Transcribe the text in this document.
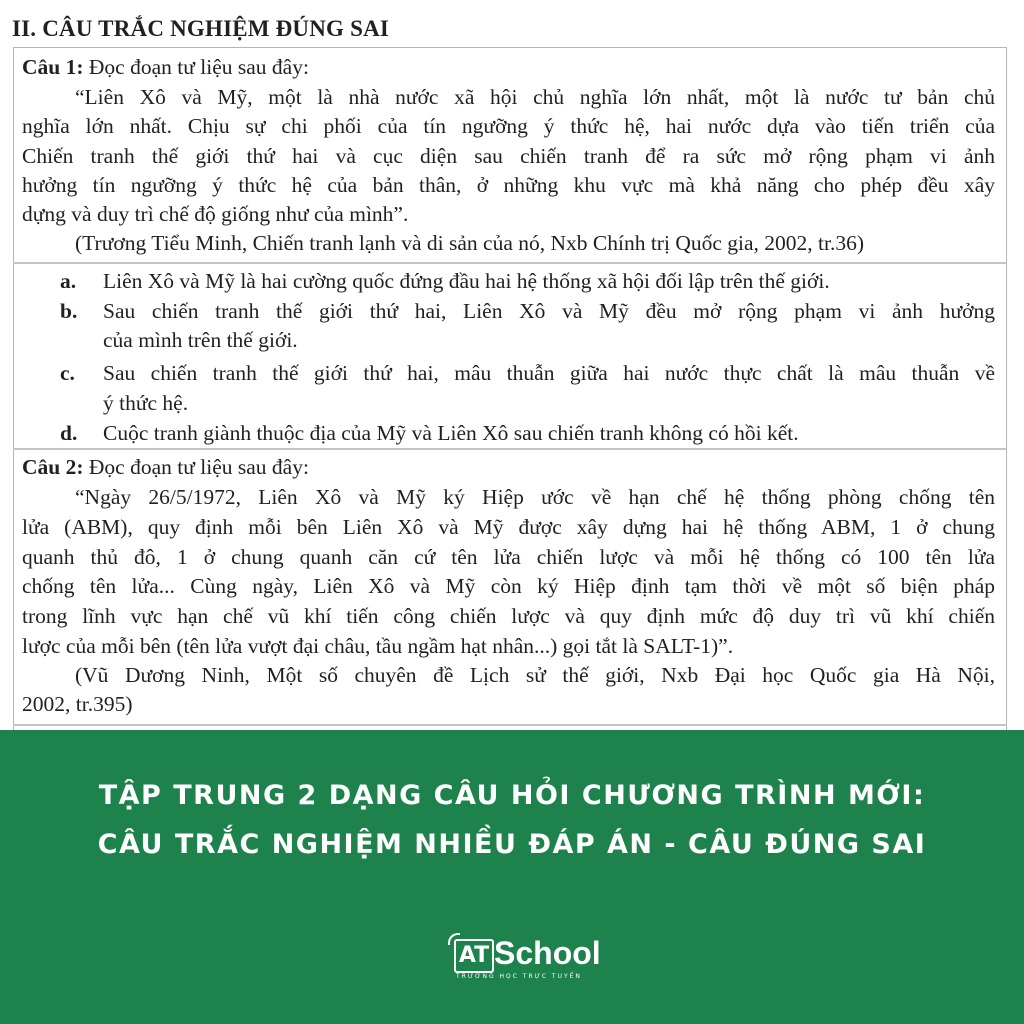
II. CÂU TRẮC NGHIỆM ĐÚNG SAI
Câu 1: Đọc đoạn tư liệu sau đây:
“Liên Xô và Mỹ, một là nhà nước xã hội chủ nghĩa lớn nhất, một là nước tư bản chủ
nghĩa lớn nhất. Chịu sự chi phối của tín ngưỡng ý thức hệ, hai nước dựa vào tiến triển của
Chiến tranh thế giới thứ hai và cục diện sau chiến tranh để ra sức mở rộng phạm vi ảnh
hưởng tín ngưỡng ý thức hệ của bản thân, ở những khu vực mà khả năng cho phép đều xây
dựng và duy trì chế độ giống như của mình”.
(Trương Tiểu Minh, Chiến tranh lạnh và di sản của nó, Nxb Chính trị Quốc gia, 2002, tr.36)
a. Liên Xô và Mỹ là hai cường quốc đứng đầu hai hệ thống xã hội đối lập trên thế giới.
b. Sau chiến tranh thế giới thứ hai, Liên Xô và Mỹ đều mở rộng phạm vi ảnh hưởng
của mình trên thế giới.
c. Sau chiến tranh thế giới thứ hai, mâu thuẫn giữa hai nước thực chất là mâu thuẫn về
ý thức hệ.
d. Cuộc tranh giành thuộc địa của Mỹ và Liên Xô sau chiến tranh không có hồi kết.
Câu 2: Đọc đoạn tư liệu sau đây:
“Ngày 26/5/1972, Liên Xô và Mỹ ký Hiệp ước về hạn chế hệ thống phòng chống tên
lửa (ABM), quy định mỗi bên Liên Xô và Mỹ được xây dựng hai hệ thống ABM, 1 ở chung
quanh thủ đô, 1 ở chung quanh căn cứ tên lửa chiến lược và mỗi hệ thống có 100 tên lửa
chống tên lửa... Cùng ngày, Liên Xô và Mỹ còn ký Hiệp định tạm thời về một số biện pháp
trong lĩnh vực hạn chế vũ khí tiến công chiến lược và quy định mức độ duy trì vũ khí chiến
lược của mỗi bên (tên lửa vượt đại châu, tầu ngầm hạt nhân...) gọi tắt là SALT-1)”.
(Vũ Dương Ninh, Một số chuyên đề Lịch sử thế giới, Nxb Đại học Quốc gia Hà Nội,
2002, tr.395)
TẬP TRUNG 2 DẠNG CÂU HỎI CHƯƠNG TRÌNH MỚI:
CÂU TRẮC NGHIỆM NHIỀU ĐÁP ÁN - CÂU ĐÚNG SAI
AT School
TRƯỜNG HỌC TRỰC TUYẾN
